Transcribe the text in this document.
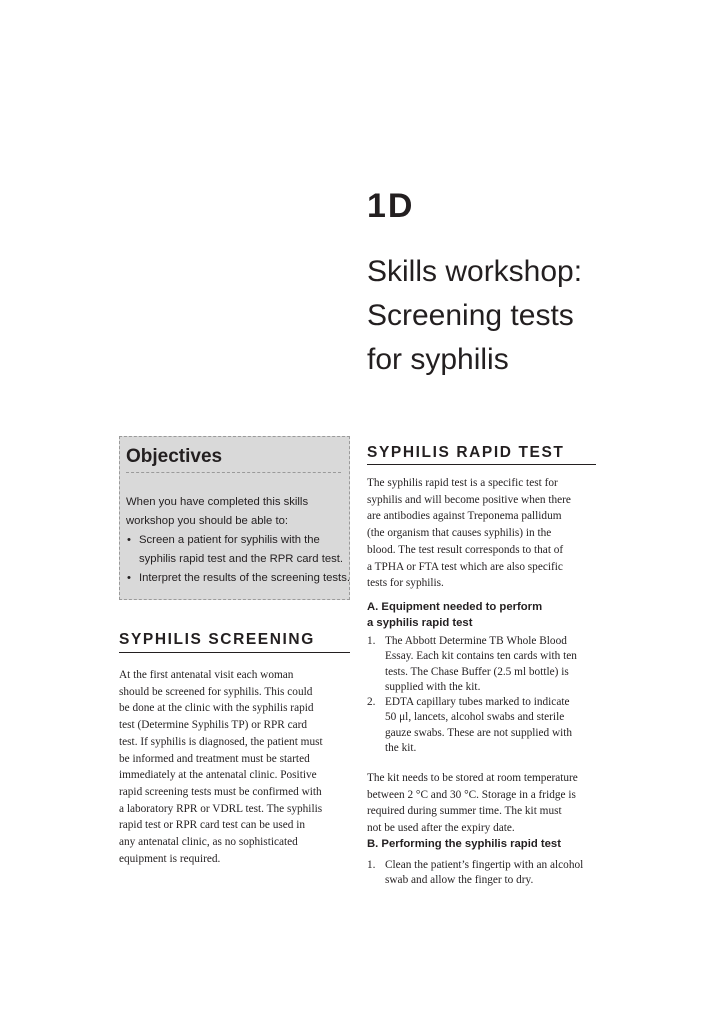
1D
Skills workshop:
Screening tests
for syphilis
Objectives

When you have completed this skills workshop you should be able to:

• Screen a patient for syphilis with the syphilis rapid test and the RPR card test.
• Interpret the results of the screening tests.
SYPHILIS SCREENING

At the first antenatal visit each woman
should be screened for syphilis. This could
be done at the clinic with the syphilis rapid
test (Determine Syphilis TP) or RPR card
test. If syphilis is diagnosed, the patient must
be informed and treatment must be started
immediately at the antenatal clinic. Positive
rapid screening tests must be confirmed with
a laboratory RPR or VDRL test. The syphilis
rapid test or RPR card test can be used in
any antenatal clinic, as no sophisticated
equipment is required.

SYPHILIS RAPID TEST

The syphilis rapid test is a specific test for
syphilis and will become positive when there
are antibodies against Treponema pallidum
(the organism that causes syphilis) in the
blood. The test result corresponds to that of
a TPHA or FTA test which are also specific
tests for syphilis.

A. Equipment needed to perform
a syphilis rapid test
1. The Abbott Determine TB Whole Blood
Essay. Each kit contains ten cards with ten
tests. The Chase Buffer (2.5 ml bottle) is
supplied with the kit.
2. EDTA capillary tubes marked to indicate
50 μl, lancets, alcohol swabs and sterile
gauze swabs. These are not supplied with
the kit.

The kit needs to be stored at room temperature
between 2 °C and 30 °C. Storage in a fridge is
required during summer time. The kit must
not be used after the expiry date.

B. Performing the syphilis rapid test
1. Clean the patient’s fingertip with an alcohol
swab and allow the finger to dry.
